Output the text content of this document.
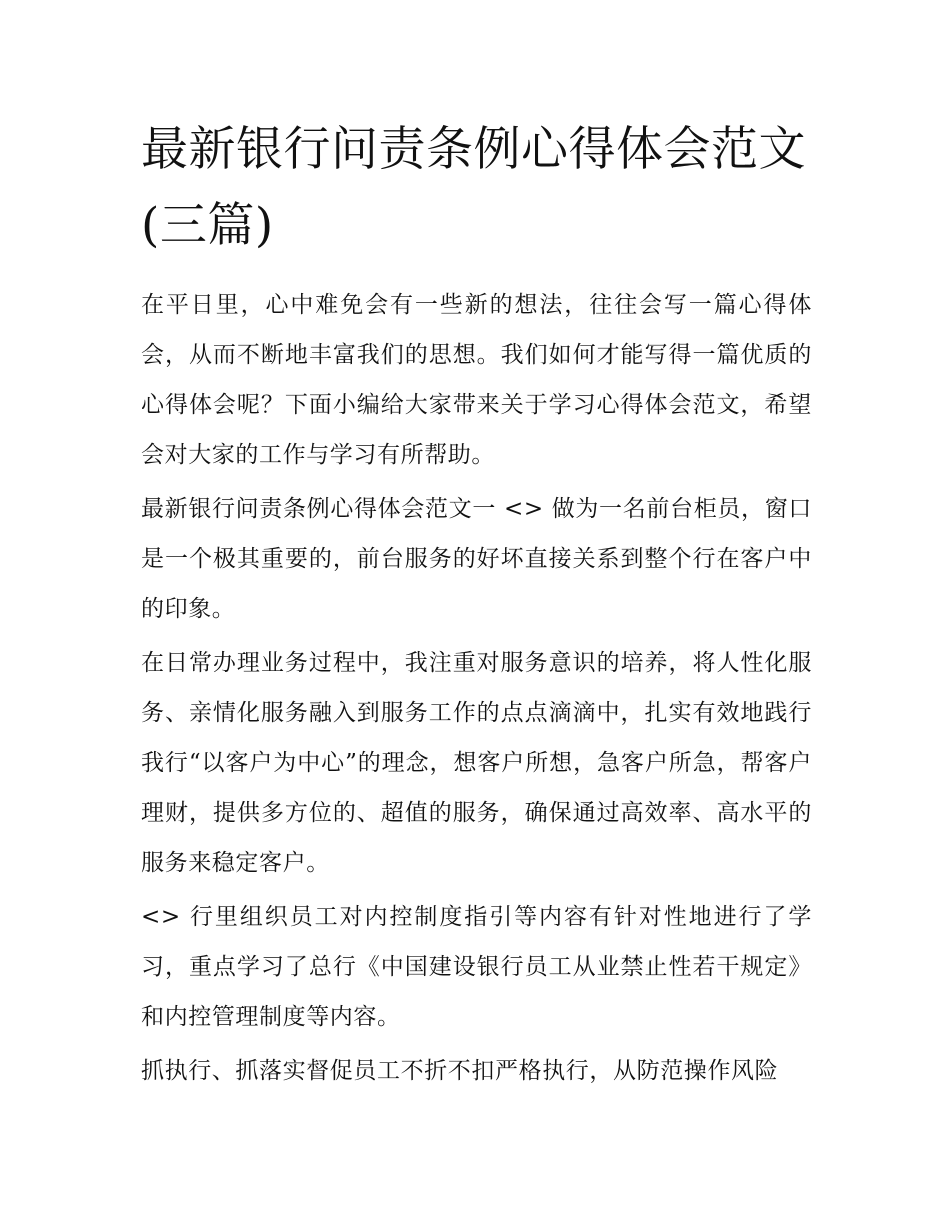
最新银行问责条例心得体会范文(三篇)

在平日里，心中难免会有一些新的想法，往往会写一篇心得体会，从而不断地丰富我们的思想。我们如何才能写得一篇优质的心得体会呢？下面小编给大家带来关于学习心得体会范文，希望会对大家的工作与学习有所帮助。

最新银行问责条例心得体会范文一 <> 做为一名前台柜员，窗口是一个极其重要的，前台服务的好坏直接关系到整个行在客户中的印象。

在日常办理业务过程中，我注重对服务意识的培养，将人性化服务、亲情化服务融入到服务工作的点点滴滴中，扎实有效地践行我行“以客户为中心”的理念，想客户所想，急客户所急，帮客户理财，提供多方位的、超值的服务，确保通过高效率、高水平的服务来稳定客户。

<> 行里组织员工对内控制度指引等内容有针对性地进行了学习，重点学习了总行《中国建设银行员工从业禁止性若干规定》和内控管理制度等内容。

抓执行、抓落实督促员工不折不扣严格执行，从防范操作风险
